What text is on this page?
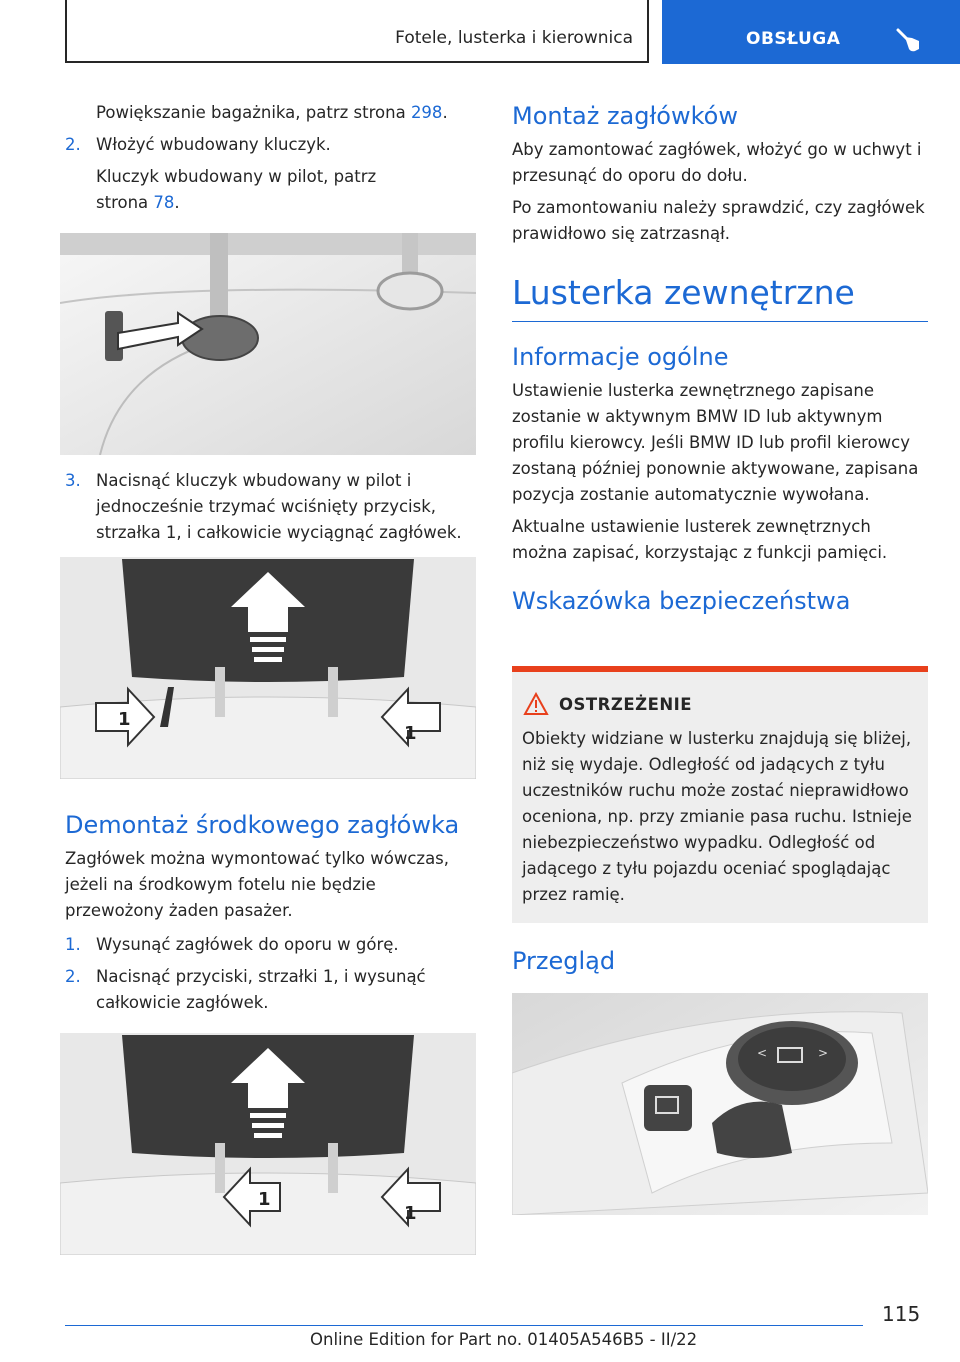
Fotele, lusterka i kierownica	OBSŁUGA

Powiększanie bagażnika, patrz strona 298.

2. Włożyć wbudowany kluczyk.

Kluczyk wbudowany w pilot, patrz strona 78.

3. Nacisnąć kluczyk wbudowany w pilot i jednocześnie trzymać wciśnięty przycisk, strzałka 1, i całkowicie wyciągnąć zagłówek.

1
1
Demontaż środkowego zagłówka

Zagłówek można wymontować tylko wówczas, jeżeli na środkowym fotelu nie będzie przewożony żaden pasażer.

1. Wysunąć zagłówek do oporu w górę.

2. Nacisnąć przyciski, strzałki 1, i wysunąć całkowicie zagłówek.

1
1
Montaż zagłówków

Aby zamontować zagłówek, włożyć go w uchwyt i przesunąć do oporu do dołu.

Po zamontowaniu należy sprawdzić, czy zagłówek prawidłowo się zatrzasnął.

Lusterka zewnętrzne
Informacje ogólne

Ustawienie lusterka zewnętrznego zapisane zostanie w aktywnym BMW ID lub aktywnym profilu kierowcy. Jeśli BMW ID lub profil kierowcy zostaną później ponownie aktywowane, zapisana pozycja zostanie automatycznie wywołana.

Aktualne ustawienie lusterek zewnętrznych można zapisać, korzystając z funkcji pamięci.

Wskazówka bezpieczeństwa
OSTRZEŻENIE
Obiekty widziane w lusterku znajdują się bliżej, niż się wydaje. Odległość od jadących z tyłu uczestników ruchu może zostać nieprawidłowo oceniona, np. przy zmianie pasa ruchu. Istnieje niebezpieczeństwo wypadku. Odległość od jadącego z tyłu pojazdu oceniać spoglądając przez ramię.
Przegląd
<	>
115
Online Edition for Part no. 01405A546B5 - II/22
